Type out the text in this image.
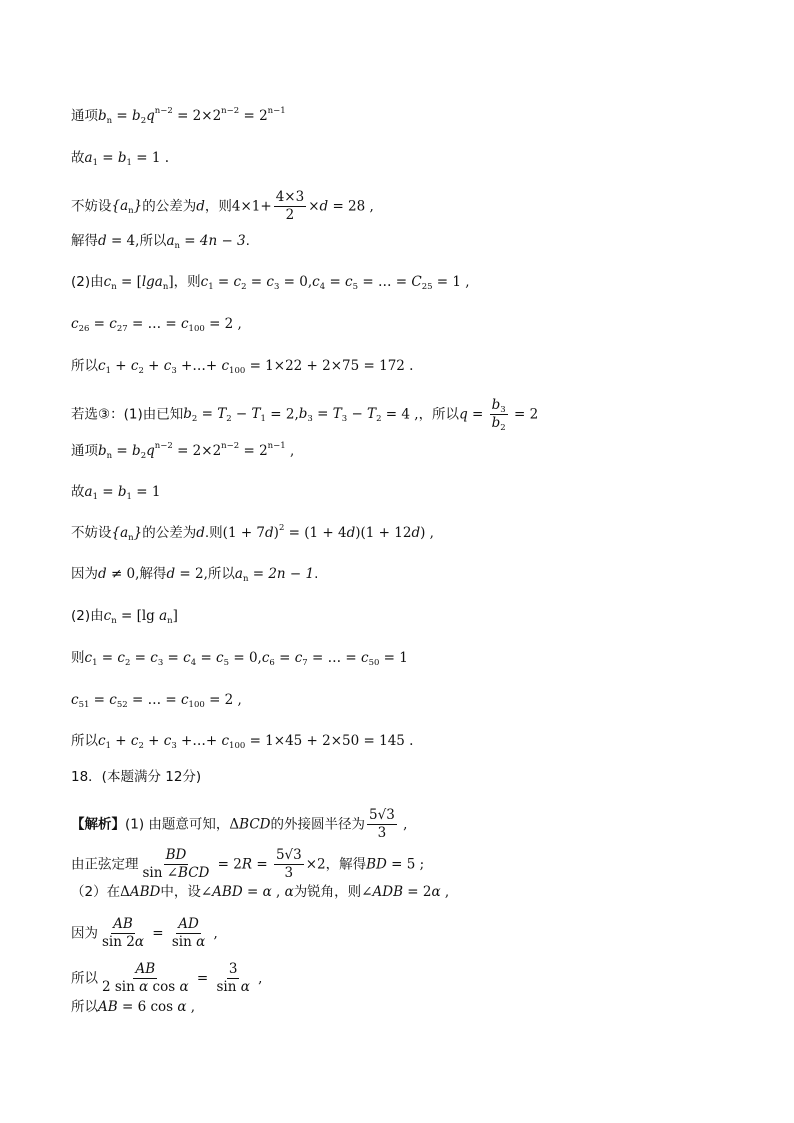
通项$b_n = b_2q^{n-2} = 2\times 2^{n-2} = 2^{n-1}$
故$a_1 = b_1 = 1$ .
不妨设$\{a_n\}$的公差为d，则$4\times 1+ \frac{4\times 3}{2} \times d = 28$ ,
解得d = 4,所以$a_n = 4n - 3$.
(2)由$c_n = [\lg a_n]$，则$c_1 = c_2 = c_3 = 0,c_4 = c_5$ = … = $C_{25} = 1$ ,
$c_{26} = c_{27}$ = … = $c_{100} = 2$ ,
所以$c_1 + c_2 + c_3$ +…+ $c_{100} = 1\times 22 + 2\times 75 = 172$ .
若选③：(1)由已知$b_2 = T_2 - T_1 = 2,b_3 = T_3 - T_2 = 4$ ,，所以$q = \frac{b_3}{b_2} = 2$
通项$b_n = b_2q^{n-2} = 2\times 2^{n-2} = 2^{n-1}$ ,
故$a_1 = b_1 = 1$
不妨设$\{a_n\}$的公差为d.则$(1 + 7d)^2 = (1 + 4d)(1 + 12d)$ ,
因为d ≠ 0,解得d = 2,所以$a_n = 2n - 1$.
(2)由$c_n = [\lg$ $a_n$]
则$c_1 = c_2 = c_3 = c_4 = c_5 = 0,c_6 = c_7$ = … = $c_{50} = 1$
$c_{51} = c_{52}$ = … = $c_{100} = 2$ ,
所以$c_1 + c_2 + c_3$ +…+ $c_{100} = 1\times 45 + 2\times 50 = 145$ .
18．(本题满分 12分)
【解析】(1) 由题意可知，ΔBCD的外接圆半径为 $\frac{5√3}{3}$ ,
由正弦定理 $\frac{BD}{\text{sin ∠BCD}} = 2R = \frac{5√3}{3} \times 2$，解得BD = 5 ;
（2）在ΔABD中，设∠ABD = α , α为锐角，则∠ADB = 2α ,
因为 $\frac{AB}{\sin 2\alpha} = \frac{AD}{\text{sin α}}$ ,
所以 $\frac{AB}{\text{2 sin α cos α}} = \frac{3}{\text{sin α}}$ ,
所以AB = 6 cos α ,
